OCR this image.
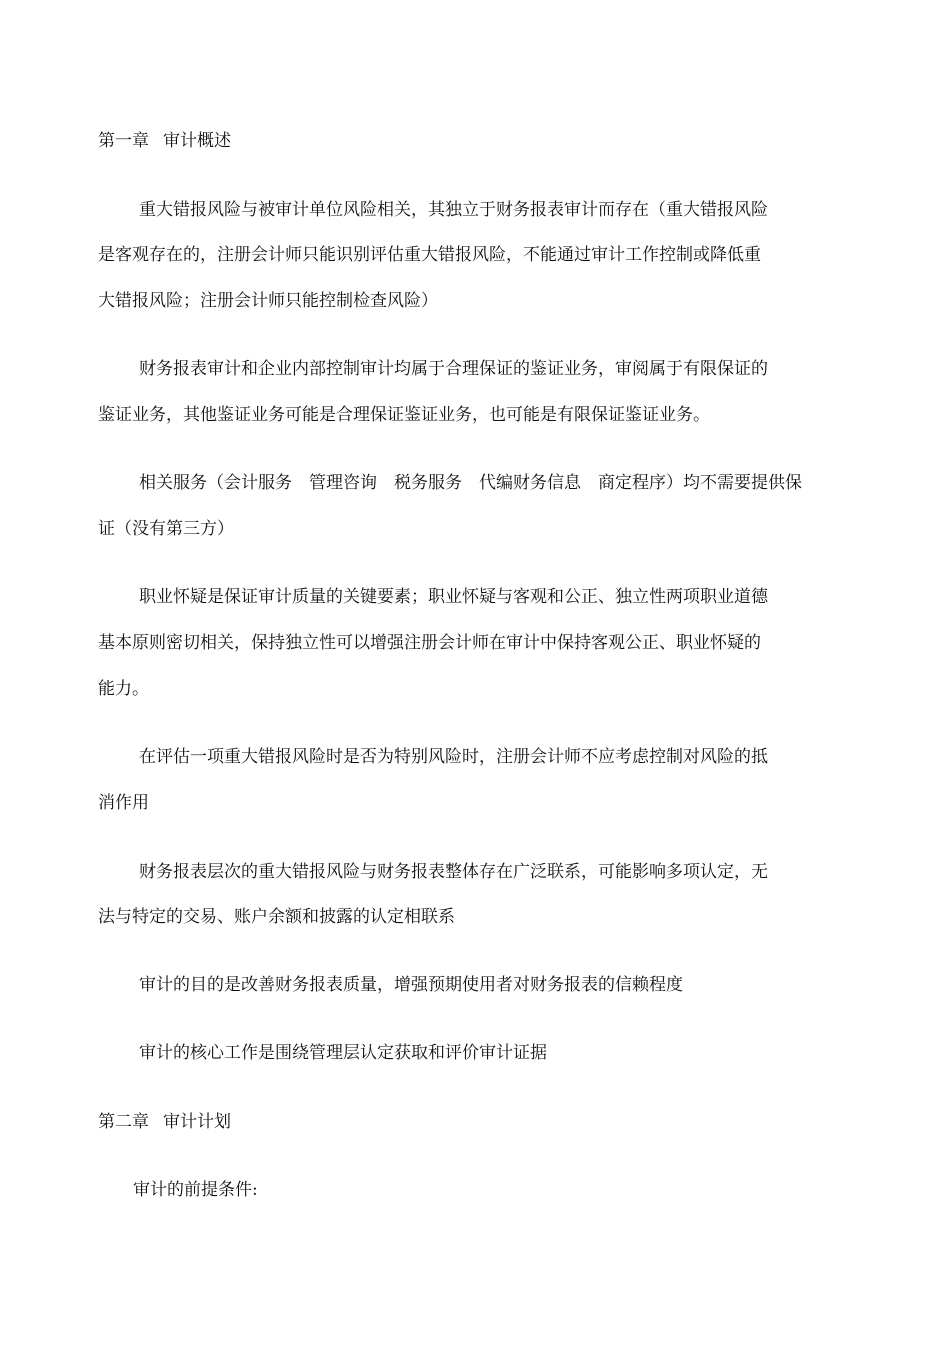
第一章 审计概述
重大错报风险与被审计单位风险相关，其独立于财务报表审计而存在（重大错报风险
是客观存在的，注册会计师只能识别评估重大错报风险，不能通过审计工作控制或降低重
大错报风险；注册会计师只能控制检查风险）
财务报表审计和企业内部控制审计均属于合理保证的鉴证业务，审阅属于有限保证的
鉴证业务，其他鉴证业务可能是合理保证鉴证业务，也可能是有限保证鉴证业务。
相关服务（会计服务　管理咨询　税务服务　代编财务信息　商定程序）均不需要提供保
证（没有第三方）
职业怀疑是保证审计质量的关键要素；职业怀疑与客观和公正、独立性两项职业道德
基本原则密切相关，保持独立性可以增强注册会计师在审计中保持客观公正、职业怀疑的
能力。
在评估一项重大错报风险时是否为特别风险时，注册会计师不应考虑控制对风险的抵
消作用
财务报表层次的重大错报风险与财务报表整体存在广泛联系，可能影响多项认定，无
法与特定的交易、账户余额和披露的认定相联系
审计的目的是改善财务报表质量，增强预期使用者对财务报表的信赖程度
审计的核心工作是围绕管理层认定获取和评价审计证据
第二章 审计计划
审计的前提条件:
